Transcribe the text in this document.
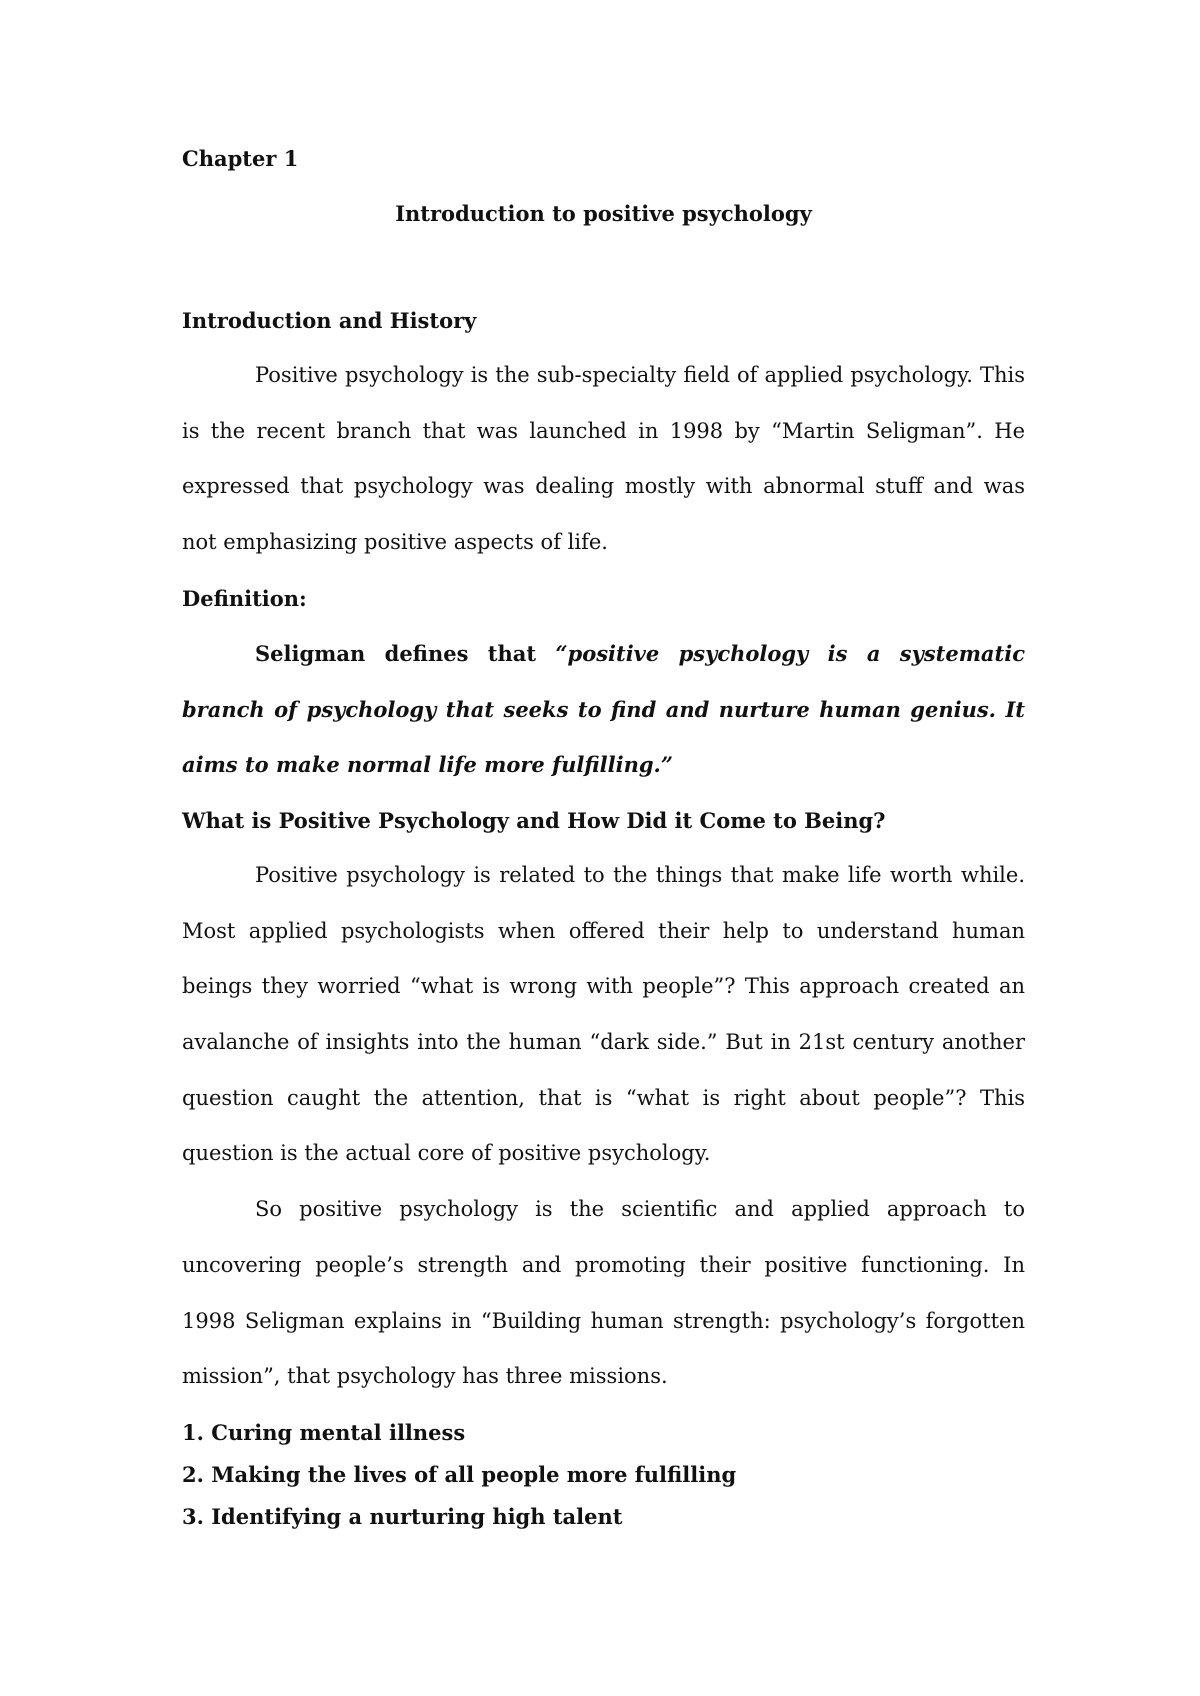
Chapter 1

Introduction to positive psychology

Introduction and History

Positive psychology is the sub-specialty field of applied psychology. This is the recent branch that was launched in 1998 by “Martin Seligman”. He expressed that psychology was dealing mostly with abnormal stuff and was not emphasizing positive aspects of life.

Definition:

Seligman defines that “positive psychology is a systematic branch of psychology that seeks to find and nurture human genius. It aims to make normal life more fulfilling.”

What is Positive Psychology and How Did it Come to Being?

Positive psychology is related to the things that make life worth while. Most applied psychologists when offered their help to understand human beings they worried “what is wrong with people”? This approach created an avalanche of insights into the human “dark side.” But in 21st century another question caught the attention, that is “what is right about people”? This question is the actual core of positive psychology.

So positive psychology is the scientific and applied approach to uncovering people’s strength and promoting their positive functioning. In 1998 Seligman explains in “Building human strength: psychology’s forgotten mission”, that psychology has three missions.

1. Curing mental illness
2. Making the lives of all people more fulfilling
3. Identifying a nurturing high talent
